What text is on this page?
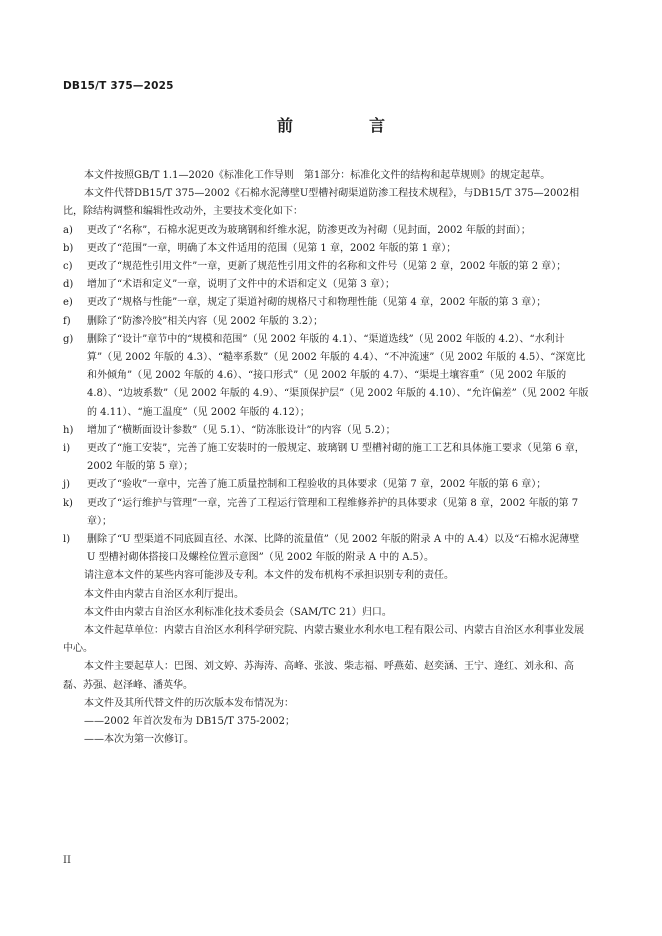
DB15/T 375—2025
前　言

本文件按照GB/T 1.1—2020《标准化工作导则　第1部分：标准化文件的结构和起草规则》的规定起草。

本文件代替DB15/T 375—2002《石棉水泥薄壁U型槽衬砌渠道防渗工程技术规程》，与DB15/T 375—2002相比，除结构调整和编辑性改动外，主要技术变化如下：

a)	更改了“名称”，石棉水泥更改为玻璃钢和纤维水泥，防渗更改为衬砌（见封面，2002 年版的封面）；

b)	更改了“范围”一章，明确了本文件适用的范围（见第 1 章，2002 年版的第 1 章）；

c)	更改了“规范性引用文件”一章，更新了规范性引用文件的名称和文件号（见第 2 章，2002 年版的第 2 章）；

d)	增加了“术语和定义”一章，说明了文件中的术语和定义（见第 3 章）；

e)	更改了“规格与性能”一章，规定了渠道衬砌的规格尺寸和物理性能（见第 4 章，2002 年版的第 3 章）；

f)	删除了“防渗冷胶”相关内容（见 2002 年版的 3.2）；

g)	删除了“设计”章节中的“规模和范围”（见 2002 年版的 4.1）、“渠道选线”（见 2002 年版的 4.2）、“水利计算”（见 2002 年版的 4.3）、“糙率系数”（见 2002 年版的 4.4）、“不冲流速”（见 2002 年版的 4.5）、“深宽比和外倾角”（见 2002 年版的 4.6）、“接口形式”（见 2002 年版的 4.7）、“渠堤土壤容重”（见 2002 年版的 4.8）、“边坡系数”（见 2002 年版的 4.9）、“渠顶保护层”（见 2002 年版的 4.10）、“允许偏差”（见 2002 年版的 4.11）、“施工温度”（见 2002 年版的 4.12）；

h)	增加了“横断面设计参数”（见 5.1）、“防冻胀设计”的内容（见 5.2）；

i)	更改了“施工安装”，完善了施工安装时的一般规定、玻璃钢 U 型槽衬砌的施工工艺和具体施工要求（见第 6 章，2002 年版的第 5 章）；

j)	更改了“验收”一章中，完善了施工质量控制和工程验收的具体要求（见第 7 章，2002 年版的第 6 章）；

k)	更改了“运行维护与管理”一章，完善了工程运行管理和工程维修养护的具体要求（见第 8 章，2002 年版的第 7 章）；

l)	删除了“U 型渠道不同底圆直径、水深、比降的流量值”（见 2002 年版的附录 A 中的 A.4）以及“石棉水泥薄壁 U 型槽衬砌体搭接口及螺栓位置示意图”（见 2002 年版的附录 A 中的 A.5）。

请注意本文件的某些内容可能涉及专利。本文件的发布机构不承担识别专利的责任。

本文件由内蒙古自治区水利厅提出。

本文件由内蒙古自治区水利标准化技术委员会（SAM/TC 21）归口。

本文件起草单位：内蒙古自治区水利科学研究院、内蒙古聚业水利水电工程有限公司、内蒙古自治区水利事业发展中心。

本文件主要起草人：巴图、刘文婷、苏海涛、高峰、张波、柴志福、呼燕茹、赵奕涵、王宁、逄红、刘永和、高磊、苏强、赵泽峰、潘英华。

本文件及其所代替文件的历次版本发布情况为：

——2002 年首次发布为 DB15/T 375-2002；

——本次为第一次修订。

II
